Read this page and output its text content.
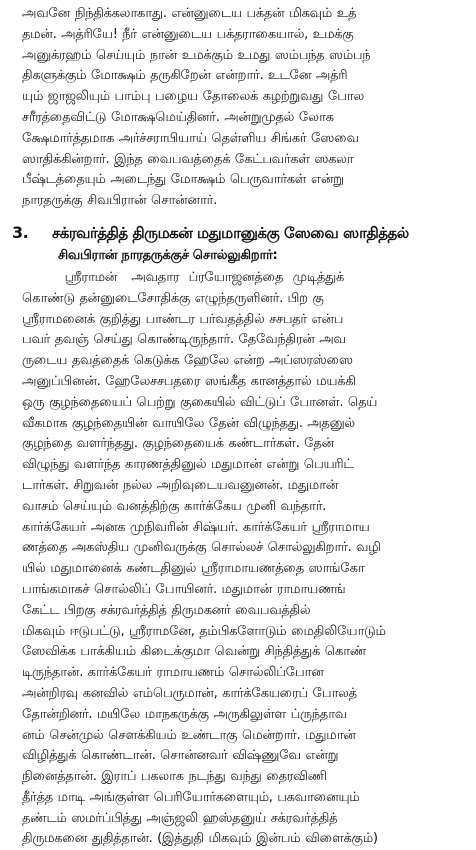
அவனே நிந்திக்கலாகாது. என்னுடைய பக்தன் மிகவும் உத்
தமன். அத்ரியே! நீர் என்னுடைய பக்தராகையால், உமக்கு
அனுக்ரஹம் செய்யும் நான் உமக்கும் உமது ஸம்பந்த ஸம்பந்
திகளுக்கும் மோக்ஷம் தருகிறேன் என்றார். உடனே அத்ரி
யும் ஜாஜலியும் பாம்பு பழைய தோலைக் கழற்றுவது போல
சரீரத்தைவிட்டு மோக்ஷமெய்தினர். அன்றுமுதல் லோக
க்ஷேமார்த்தமாக அர்ச்சராபியாய் தெள்ளிய சிங்கர் ஸேவை
ஸாதிக்கின்றார். இந்த வைபவத்தைக் கேட்பவர்கள் ஸகலா
பீஷ்டத்தையும் அடைந்து மோக்ஷம் பெருவார்கள் என்று
நாரதருக்கு சிவபிரான் சொன்னார்.
3. சக்ரவர்த்தித் திருமகன் மதுமானுக்கு ஸேவை ஸாதித்தல்
சிவபிரான் நாரதருக்குச் சொல்லுகிறார்:
ஸ்ரீராமன்   அவதார  ப்ரயோஜனத்தை  முடித்துக்
கொண்டு தன்னுடைசோதிக்கு எழுந்தருளினர். பிற கு
ஸ்ரீராமனைக் குறித்து பாண்டர பர்வதத்தில் சசபதர் என்ப
பவர் தவஞ் செய்து கொண்டிருந்தார். தேவேந்திரன் அவ
ருடைய தவத்தைக் கெடுக்க ஹேலே என்ற அப்ஸரஸ்ஸை
அனுப்பினன். ஹேலேசசபதரை ஸங்கீத கானத்தால் மயக்கி
ஒரு குழந்தையைப் பெற்று குகையில் விட்டுப் போனள். தெய்
வீகமாக குழந்தையின் வாயிலே தேன் விழுந்தது. அதனுல்
குழந்தை வளர்ந்தது. குழந்தையைக் கண்டார்கள். தேன்
விழுந்து வளர்ந்த காரணத்தினுல் மதுமான் என்று பெயரிட்
டார்கள். சிறுவன் நல்ல அறிவுடையவனுனன். மதுமான்
வாசம் செய்யும் வனத்திற்கு கார்க்கேய முனி வந்தார்.
கார்க்கேயர் அனக முநிவரின் சிஷ்யர். கார்க்கேயர் ஸ்ரீராமாய
ணத்தை அகஸ்திய முனிவருக்கு சொல்லச் சொல்லுகிறார். வழி
யில் மதுமானைக் கண்டதினுல் ஸ்ரீராமாயணத்தை ஸாங்கோ
பாங்கமாகச் சொல்லிப் போயினர். மதுமான் ராமாயணங்
கேட்ட பிறகு சக்ரவர்த்தித் திருமகனர் வைபவத்தில்
மிகவும் ஈடுபட்டு, ஸ்ரீராமனே, தம்பிகளோடும் மைதிலியோடும்
ஸேவிக்க பாக்கியம் கிடைக்குமா வென்று சிந்தித்துக் கொண்
டிருந்தான். கார்க்கேயர் ராமாயணம் சொல்லிப்போன
அன்றிரவு கனவில் எம்பெருமான், கார்க்கேயரைப் போலத்
தோன்றினர். மயிலே மாநகருக்கு அருகிலுள்ள ப்ருந்தாவ
னம் சென்முல் சௌக்கியம் உண்டாகு மென்றார். மதுமான்
விழித்துக் கொண்டான். சொன்னவர் விஷ்ணுவே என்று
நினைத்தான். இராப் பகலாக நடந்து வந்து தைரவிணி
தீர்த்த மாடி அங்குள்ள பெரியோர்களையும், பகவானையும்
தண்டம் ஸமர்ப்பித்து அஞ்ஜலி ஹஸ்தனுய் சக்ரவர்த்தித்
திருமகனை துதித்தான். (இத்துதி மிகவும் இன்பம் விளைக்கும்)
